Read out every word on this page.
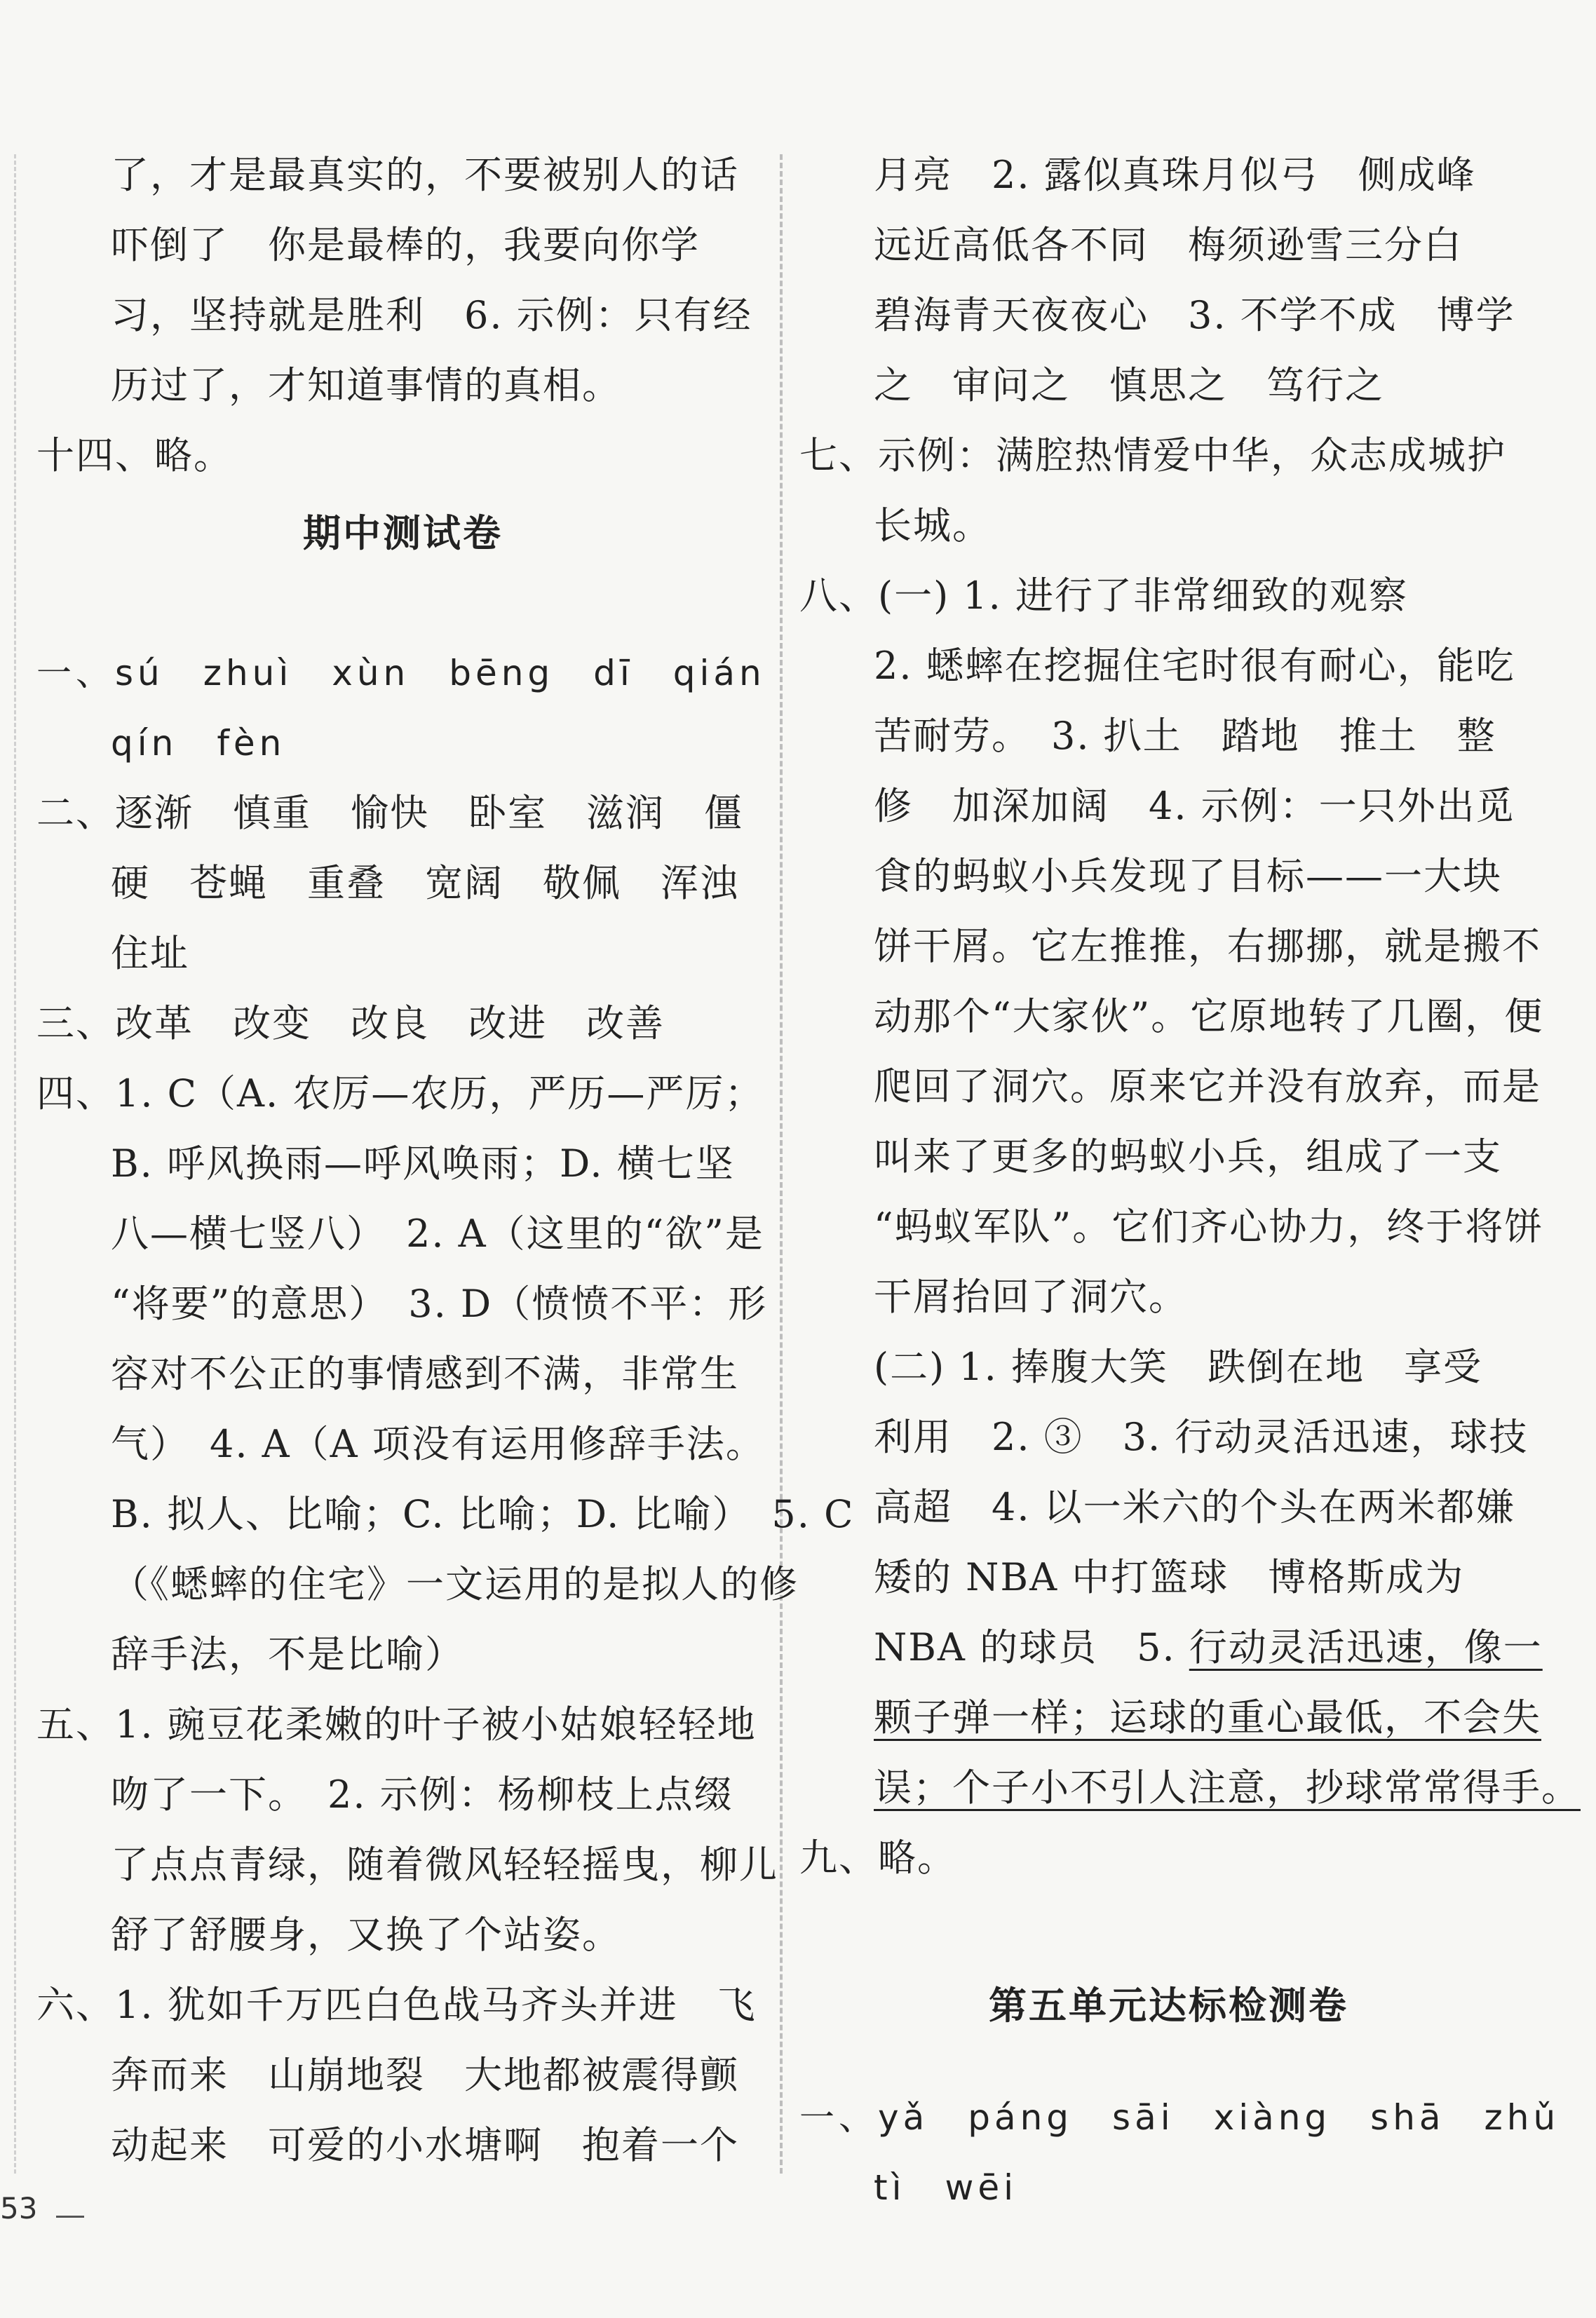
了，才是最真实的，不要被别人的话
吓倒了　你是最棒的，我要向你学
习，坚持就是胜利　6. 示例：只有经
历过了，才知道事情的真相。
十四、略。
期中测试卷
一、sú　zhuì　xùn　bēng　dī　qián
qín　fèn
二、逐渐　慎重　愉快　卧室　滋润　僵
硬　苍蝇　重叠　宽阔　敬佩　浑浊
住址
三、改革　改变　改良　改进　改善
四、1. C（A. 农厉—农历，严历—严厉；
B. 呼风换雨—呼风唤雨；D. 横七坚
八—横七竖八）　2. A（这里的“欲”是
“将要”的意思）　3. D（愤愤不平：形
容对不公正的事情感到不满，非常生
气）　4. A（A 项没有运用修辞手法。
B. 拟人、比喻；C. 比喻；D. 比喻）　5. C
（《蟋蟀的住宅》一文运用的是拟人的修
辞手法，不是比喻）
五、1. 豌豆花柔嫩的叶子被小姑娘轻轻地
吻了一下。　2. 示例：杨柳枝上点缀
了点点青绿，随着微风轻轻摇曳，柳儿
舒了舒腰身，又换了个站姿。
六、1. 犹如千万匹白色战马齐头并进　飞
奔而来　山崩地裂　大地都被震得颤
动起来　可爱的小水塘啊　抱着一个
月亮　2. 露似真珠月似弓　侧成峰
远近高低各不同　梅须逊雪三分白
碧海青天夜夜心　3. 不学不成　博学
之　审问之　慎思之　笃行之
七、示例：满腔热情爱中华，众志成城护
长城。
八、(一) 1. 进行了非常细致的观察
2. 蟋蟀在挖掘住宅时很有耐心，能吃
苦耐劳。　3. 扒土　踏地　推土　整
修　加深加阔　4. 示例：一只外出觅
食的蚂蚁小兵发现了目标——一大块
饼干屑。它左推推，右挪挪，就是搬不
动那个“大家伙”。它原地转了几圈，便
爬回了洞穴。原来它并没有放弃，而是
叫来了更多的蚂蚁小兵，组成了一支
“蚂蚁军队”。它们齐心协力，终于将饼
干屑抬回了洞穴。
(二) 1. 捧腹大笑　跌倒在地　享受
利用　2. ③　3. 行动灵活迅速，球技
高超　4. 以一米六的个头在两米都嫌
矮的 NBA 中打篮球　博格斯成为
NBA 的球员　5. 行动灵活迅速，像一
颗子弹一样；运球的重心最低，不会失
误；个子小不引人注意，抄球常常得手。
九、略。
第五单元达标检测卷
一、yǎ　páng　sāi　xiàng　shā　zhǔ
tì　wēi
53
